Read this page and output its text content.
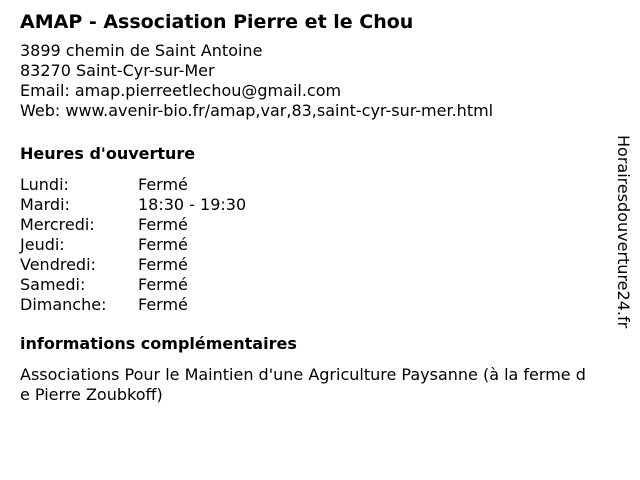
AMAP - Association Pierre et le Chou
3899 chemin de Saint Antoine
83270 Saint-Cyr-sur-Mer
Email: amap.pierreetlechou@gmail.com
Web: www.avenir-bio.fr/amap,var,83,saint-cyr-sur-mer.html
Heures d'ouverture
Lundi:	Fermé
Mardi:	18:30 - 19:30
Mercredi:	Fermé
Jeudi:	Fermé
Vendredi:	Fermé
Samedi:	Fermé
Dimanche:	Fermé
informations complémentaires
Associations Pour le Maintien d'une Agriculture Paysanne (à la ferme de Pierre Zoubkoff)
Horairesdouverture24.fr
